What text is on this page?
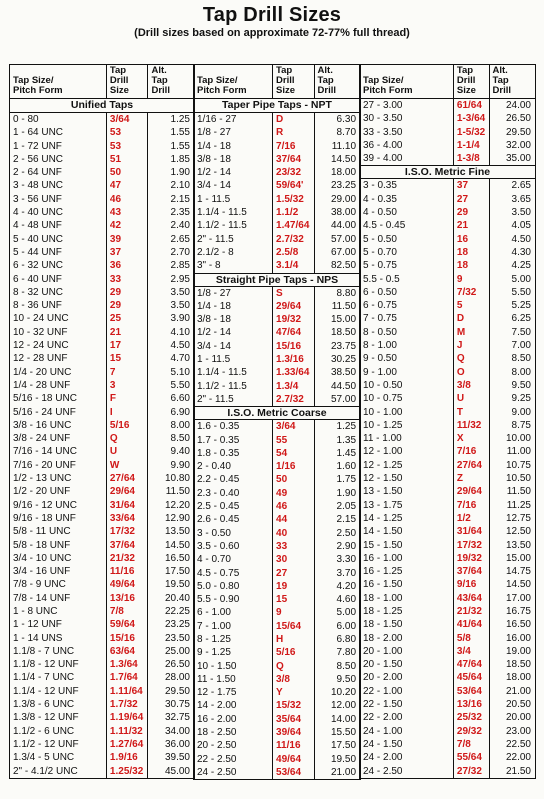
Tap Drill Sizes
(Drill sizes based on approximate 72-77% full thread)
Tap Size/
Pitch Form
Tap
Drill
Size
Alt.
Tap
Drill
Unified Taps
0 - 80	3/64	1.25
1 - 64 UNC	53	1.55
1 - 72 UNF	53	1.55
2 - 56 UNC	51	1.85
2 - 64 UNF	50	1.90
3 - 48 UNC	47	2.10
3 - 56 UNF	46	2.15
4 - 40 UNC	43	2.35
4 - 48 UNF	42	2.40
5 - 40 UNC	39	2.65
5 - 44 UNF	37	2.70
6 - 32 UNC	36	2.85
6 - 40 UNF	33	2.95
8 - 32 UNC	29	3.50
8 - 36 UNF	29	3.50
10 - 24 UNC	25	3.90
10 - 32 UNF	21	4.10
12 - 24 UNC	17	4.50
12 - 28 UNF	15	4.70
1/4 - 20 UNC	7	5.10
1/4 - 28 UNF	3	5.50
5/16 - 18 UNC	F	6.60
5/16 - 24 UNF	I	6.90
3/8 - 16 UNC	5/16	8.00
3/8 - 24 UNF	Q	8.50
7/16 - 14 UNC	U	9.40
7/16 - 20 UNF	W	9.90
1/2 - 13 UNC	27/64	10.80
1/2 - 20 UNF	29/64	11.50
9/16 - 12 UNC	31/64	12.20
9/16 - 18 UNF	33/64	12.90
5/8 - 11 UNC	17/32	13.50
5/8 - 18 UNF	37/64	14.50
3/4 - 10 UNC	21/32	16.50
3/4 - 16 UNF	11/16	17.50
7/8 - 9 UNC	49/64	19.50
7/8 - 14 UNF	13/16	20.40
1 - 8 UNC	7/8	22.25
1 - 12 UNF	59/64	23.25
1 - 14 UNS	15/16	23.50
1.1/8 - 7 UNC	63/64	25.00
1.1/8 - 12 UNF	1.3/64	26.50
1.1/4 - 7 UNC	1.7/64	28.00
1.1/4 - 12 UNF	1.11/64	29.50
1.3/8 - 6 UNC	1.7/32	30.75
1.3/8 - 12 UNF	1.19/64	32.75
1.1/2 - 6 UNC	1.11/32	34.00
1.1/2 - 12 UNF	1.27/64	36.00
1.3/4 - 5 UNC	1.9/16	39.50
2" - 4.1/2 UNC	1.25/32	45.00
Tap Size/
Pitch Form
Tap
Drill
Size
Alt.
Tap
Drill
Taper Pipe Taps - NPT
1/16 - 27	D	6.30
1/8 - 27	R	8.70
1/4 - 18	7/16	11.10
3/8 - 18	37/64	14.50
1/2 - 14	23/32	18.00
3/4 - 14	59/64'	23.25
1 - 11.5	1.5/32	29.00
1.1/4 - 11.5	1.1/2	38.00
1.1/2 - 11.5	1.47/64	44.00
2" - 11.5	2.7/32	57.00
2.1/2 - 8	2.5/8	67.00
3" - 8	3.1/4	82.50
Straight Pipe Taps - NPS
1/8 - 27	S	8.80
1/4 - 18	29/64	11.50
3/8 - 18	19/32	15.00
1/2 - 14	47/64	18.50
3/4 - 14	15/16	23.75
1 - 11.5	1.3/16	30.25
1.1/4 - 11.5	1.33/64	38.50
1.1/2 - 11.5	1.3/4	44.50
2" - 11.5	2.7/32	57.00
I.S.O. Metric Coarse
1.6 - 0.35	3/64	1.25
1.7 - 0.35	55	1.35
1.8 - 0.35	54	1.45
2 - 0.40	1/16	1.60
2.2 - 0.45	50	1.75
2.3 - 0.40	49	1.90
2.5 - 0.45	46	2.05
2.6 - 0.45	44	2.15
3 - 0.50	40	2.50
3.5 - 0.60	33	2.90
4 - 0.70	30	3.30
4.5 - 0.75	27	3.70
5.0 - 0.80	19	4.20
5.5 - 0.90	15	4.60
6 - 1.00	9	5.00
7 - 1.00	15/64	6.00
8 - 1.25	H	6.80
9 - 1.25	5/16	7.80
10 - 1.50	Q	8.50
11 - 1.50	3/8	9.50
12 - 1.75	Y	10.20
14 - 2.00	15/32	12.00
16 - 2.00	35/64	14.00
18 - 2.50	39/64	15.50
20 - 2.50	11/16	17.50
22 - 2.50	49/64	19.50
24 - 2.50	53/64	21.00
Tap Size/
Pitch Form
Tap
Drill
Size
Alt.
Tap
Drill
27 - 3.00	61/64	24.00
30 - 3.50	1-3/64	26.50
33 - 3.50	1-5/32	29.50
36 - 4.00	1-1/4	32.00
39 - 4.00	1-3/8	35.00
I.S.O. Metric Fine
3 - 0.35	37	2.65
4 - 0.35	27	3.65
4 - 0.50	29	3.50
4.5 - 0.45	21	4.05
5 - 0.50	16	4.50
5 - 0.70	18	4.30
5 - 0.75	18	4.25
5.5 - 0.5	9	5.00
6 - 0.50	7/32	5.50
6 - 0.75	5	5.25
7 - 0.75	D	6.25
8 - 0.50	M	7.50
8 - 1.00	J	7.00
9 - 0.50	Q	8.50
9 - 1.00	O	8.00
10 - 0.50	3/8	9.50
10 - 0.75	U	9.25
10 - 1.00	T	9.00
10 - 1.25	11/32	8.75
11 - 1.00	X	10.00
12 - 1.00	7/16	11.00
12 - 1.25	27/64	10.75
12 - 1.50	Z	10.50
13 - 1.50	29/64	11.50
13 - 1.75	7/16	11.25
14 - 1.25	1/2	12.75
14 - 1.50	31/64	12.50
15 - 1.50	17/32	13.50
16 - 1.00	19/32	15.00
16 - 1.25	37/64	14.75
16 - 1.50	9/16	14.50
18 - 1.00	43/64	17.00
18 - 1.25	21/32	16.75
18 - 1.50	41/64	16.50
18 - 2.00	5/8	16.00
20 - 1.00	3/4	19.00
20 - 1.50	47/64	18.50
20 - 2.00	45/64	18.00
22 - 1.00	53/64	21.00
22 - 1.50	13/16	20.50
22 - 2.00	25/32	20.00
24 - 1.00	29/32	23.00
24 - 1.50	7/8	22.50
24 - 2.00	55/64	22.00
24 - 2.50	27/32	21.50
